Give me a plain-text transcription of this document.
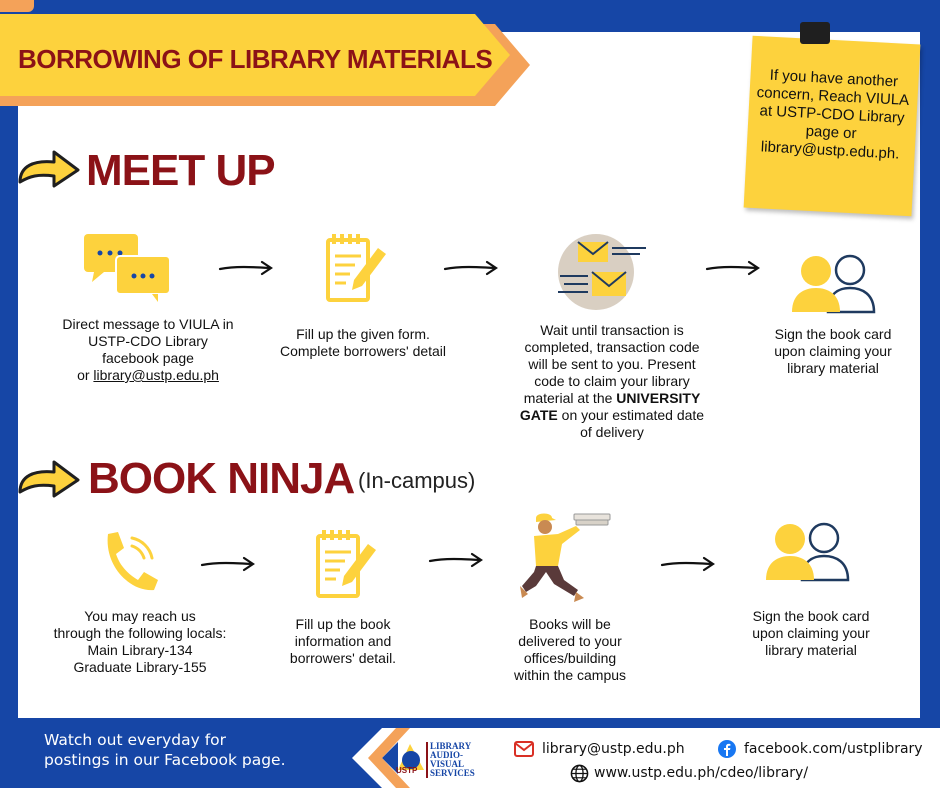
BORROWING OF LIBRARY MATERIALS
If you have another concern, Reach VIULA at USTP-CDO Library page or library@ustp.edu.ph.
MEET UP
Direct message to VIULA in
USTP-CDO Library
facebook page
or library@ustp.edu.ph
Fill up the given form.
Complete borrowers' detail
Wait until transaction is
completed, transaction code
will be sent to you. Present
code to claim your library
material at the UNIVERSITY
GATE on your estimated date
of delivery
Sign the book card
upon claiming your
library material
BOOK NINJA (In-campus)
You may reach us
through the following locals:
Main Library-134
Graduate Library-155
Fill up the book
information and
borrowers' detail.
Books will be
delivered to your
offices/building
within the campus
Sign the book card
upon claiming your
library material
Watch out everyday for
postings in our Facebook page.
USTP
LIBRARY
AUDIO-
VISUAL
SERVICES
library@ustp.edu.ph	facebook.com/ustplibrary
www.ustp.edu.ph/cdeo/library/
